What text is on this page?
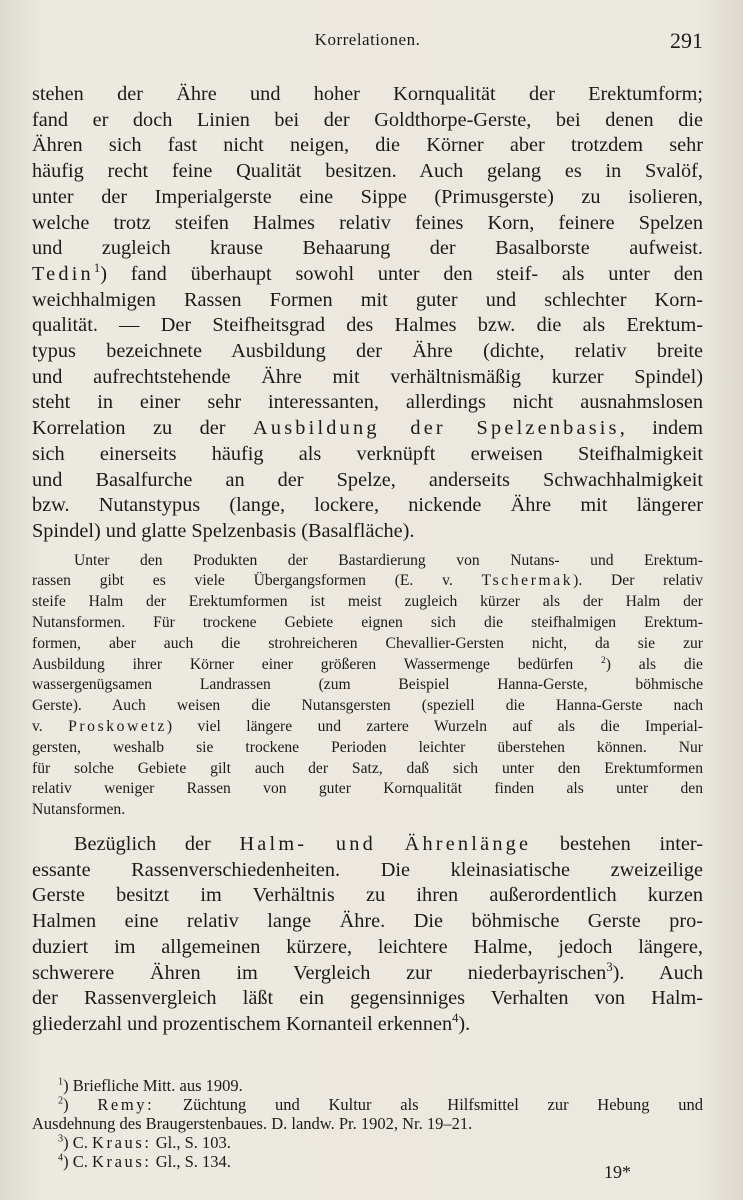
Korrelationen.	291
stehen der Ähre und hoher Kornqualität der Erektumform;
fand er doch Linien bei der Goldthorpe-Gerste, bei denen die
Ähren sich fast nicht neigen, die Körner aber trotzdem sehr
häufig recht feine Qualität besitzen. Auch gelang es in Svalöf,
unter der Imperialgerste eine Sippe (Primusgerste) zu isolieren,
welche trotz steifen Halmes relativ feines Korn, feinere Spelzen
und zugleich krause Behaarung der Basalborste aufweist.
Tedin$^1$) fand überhaupt sowohl unter den steif- als unter den
weichhalmigen Rassen Formen mit guter und schlechter Korn-
qualität. — Der Steifheitsgrad des Halmes bzw. die als Erektum-
typus bezeichnete Ausbildung der Ähre (dichte, relativ breite
und aufrechtstehende Ähre mit verhältnismäßig kurzer Spindel)
steht in einer sehr interessanten, allerdings nicht ausnahmslosen
Korrelation zu der Ausbildung der Spelzenbasis, indem
sich einerseits häufig als verknüpft erweisen Steifhalmigkeit
und Basalfurche an der Spelze, anderseits Schwachhalmigkeit
bzw. Nutanstypus (lange, lockere, nickende Ähre mit längerer
Spindel) und glatte Spelzenbasis (Basalfläche).
Unter den Produkten der Bastardierung von Nutans- und Erektum-
rassen gibt es viele Übergangsformen (E. v. Tschermak). Der relativ
steife Halm der Erektumformen ist meist zugleich kürzer als der Halm der
Nutansformen. Für trockene Gebiete eignen sich die steifhalmigen Erektum-
formen, aber auch die strohreicheren Chevallier-Gersten nicht, da sie zur
Ausbildung ihrer Körner einer größeren Wassermenge bedürfen	$^2$) als die
wassergenügsamen Landrassen (zum Beispiel Hanna-Gerste, böhmische
Gerste). Auch weisen die Nutansgersten (speziell die Hanna-Gerste nach
v. Proskowetz) viel längere und zartere Wurzeln auf als die Imperial-
gersten, weshalb sie trockene Perioden leichter überstehen können. Nur
für solche Gebiete gilt auch der Satz, daß sich unter den Erektumformen
relativ weniger Rassen von guter Kornqualität finden als unter den
Nutansformen.
Bezüglich der Halm- und Ährenlänge bestehen inter-
essante Rassenverschiedenheiten. Die kleinasiatische zweizeilige
Gerste besitzt im Verhältnis zu ihren außerordentlich kurzen
Halmen eine relativ lange Ähre. Die böhmische Gerste pro-
duziert im allgemeinen kürzere, leichtere Halme, jedoch längere,
schwerere Ähren im Vergleich zur niederbayrischen$^3$). Auch
der Rassenvergleich läßt ein gegensinniges Verhalten von Halm-
gliederzahl und prozentischem Kornanteil erkennen$^4$).
$^1$) Briefliche Mitt. aus 1909.
$^2$) Remy: Züchtung und Kultur als Hilfsmittel zur Hebung und
Ausdehnung des Braugerstenbaues. D. landw. Pr. 1902, Nr. 19–21.
$^3$) C. Kraus: Gl., S. 103.
$^4$) C. Kraus: Gl., S. 134.
19*
